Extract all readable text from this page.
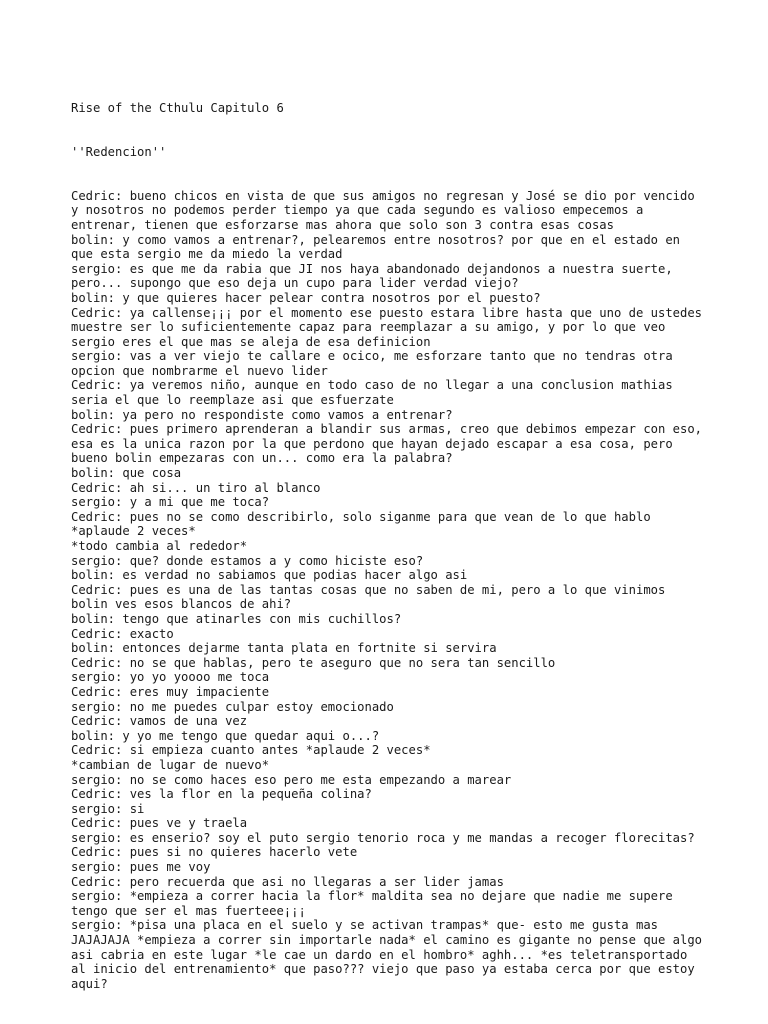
Rise of the Cthulu Capitulo 6

''Redencion''

Cedric: bueno chicos en vista de que sus amigos no regresan y José se dio por vencido y nosotros no podemos perder tiempo ya que cada segundo es valioso empecemos a entrenar, tienen que esforzarse mas ahora que solo son 3 contra esas cosas
bolin: y como vamos a entrenar?, pelearemos entre nosotros? por que en el estado en que esta sergio me da miedo la verdad
sergio: es que me da rabia que JI nos haya abandonado dejandonos a nuestra suerte, pero... supongo que eso deja un cupo para lider verdad viejo?
bolin: y que quieres hacer pelear contra nosotros por el puesto?
Cedric: ya callense¡¡¡ por el momento ese puesto estara libre hasta que uno de ustedes muestre ser lo suficientemente capaz para reemplazar a su amigo, y por lo que veo sergio eres el que mas se aleja de esa definicion
sergio: vas a ver viejo te callare e ocico, me esforzare tanto que no tendras otra opcion que nombrarme el nuevo lider
Cedric: ya veremos niño, aunque en todo caso de no llegar a una conclusion mathias seria el que lo reemplaze asi que esfuerzate
bolin: ya pero no respondiste como vamos a entrenar?
Cedric: pues primero aprenderan a blandir sus armas, creo que debimos empezar con eso, esa es la unica razon por la que perdono que hayan dejado escapar a esa cosa, pero bueno bolin empezaras con un... como era la palabra?
bolin: que cosa
Cedric: ah si... un tiro al blanco
sergio: y a mi que me toca?
Cedric: pues no se como describirlo, solo siganme para que vean de lo que hablo *aplaude 2 veces*
*todo cambia al rededor*
sergio: que? donde estamos a y como hiciste eso?
bolin: es verdad no sabiamos que podias hacer algo asi
Cedric: pues es una de las tantas cosas que no saben de mi, pero a lo que vinimos bolin ves esos blancos de ahi?
bolin: tengo que atinarles con mis cuchillos?
Cedric: exacto
bolin: entonces dejarme tanta plata en fortnite si servira
Cedric: no se que hablas, pero te aseguro que no sera tan sencillo
sergio: yo yo yoooo me toca
Cedric: eres muy impaciente
sergio: no me puedes culpar estoy emocionado
Cedric: vamos de una vez
bolin: y yo me tengo que quedar aqui o...?
Cedric: si empieza cuanto antes *aplaude 2 veces*
*cambian de lugar de nuevo*
sergio: no se como haces eso pero me esta empezando a marear
Cedric: ves la flor en la pequeña colina?
sergio: si
Cedric: pues ve y traela
sergio: es enserio? soy el puto sergio tenorio roca y me mandas a recoger florecitas?
Cedric: pues si no quieres hacerlo vete
sergio: pues me voy
Cedric: pero recuerda que asi no llegaras a ser lider jamas
sergio: *empieza a correr hacia la flor* maldita sea no dejare que nadie me supere tengo que ser el mas fuerteee¡¡¡
sergio: *pisa una placa en el suelo y se activan trampas* que- esto me gusta mas JAJAJAJA *empieza a correr sin importarle nada* el camino es gigante no pense que algo asi cabria en este lugar *le cae un dardo en el hombro* aghh... *es teletransportado al inicio del entrenamiento* que paso??? viejo que paso ya estaba cerca por que estoy aqui?
